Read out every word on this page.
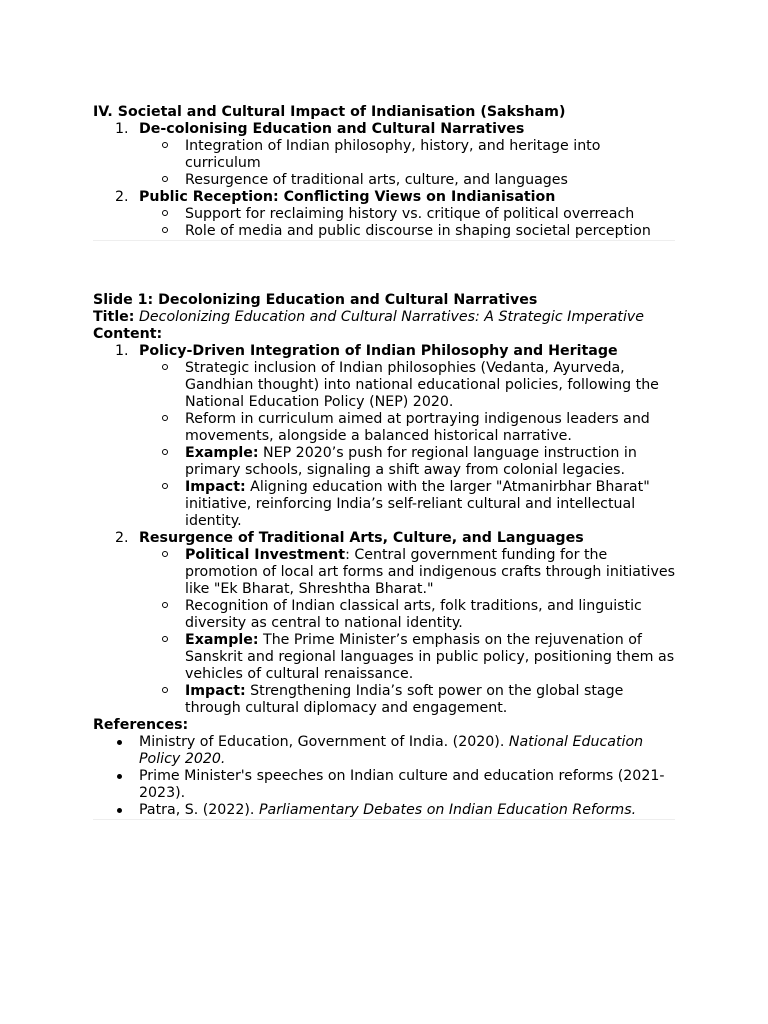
IV. Societal and Cultural Impact of Indianisation (Saksham)
1. De-colonising Education and Cultural Narratives
Integration of Indian philosophy, history, and heritage into curriculum
Resurgence of traditional arts, culture, and languages
2. Public Reception: Conflicting Views on Indianisation
Support for reclaiming history vs. critique of political overreach
Role of media and public discourse in shaping societal perception
Slide 1: Decolonizing Education and Cultural Narratives
Title: Decolonizing Education and Cultural Narratives: A Strategic Imperative
Content:
1. Policy-Driven Integration of Indian Philosophy and Heritage
Strategic inclusion of Indian philosophies (Vedanta, Ayurveda, Gandhian thought) into national educational policies, following the National Education Policy (NEP) 2020.
Reform in curriculum aimed at portraying indigenous leaders and movements, alongside a balanced historical narrative.
Example: NEP 2020’s push for regional language instruction in primary schools, signaling a shift away from colonial legacies.
Impact: Aligning education with the larger "Atmanirbhar Bharat" initiative, reinforcing India’s self-reliant cultural and intellectual identity.
2. Resurgence of Traditional Arts, Culture, and Languages
Political Investment: Central government funding for the promotion of local art forms and indigenous crafts through initiatives like "Ek Bharat, Shreshtha Bharat."
Recognition of Indian classical arts, folk traditions, and linguistic diversity as central to national identity.
Example: The Prime Minister’s emphasis on the rejuvenation of Sanskrit and regional languages in public policy, positioning them as vehicles of cultural renaissance.
Impact: Strengthening India’s soft power on the global stage through cultural diplomacy and engagement.
References:
Ministry of Education, Government of India. (2020). National Education Policy 2020.
Prime Minister's speeches on Indian culture and education reforms (2021-2023).
Patra, S. (2022). Parliamentary Debates on Indian Education Reforms.
